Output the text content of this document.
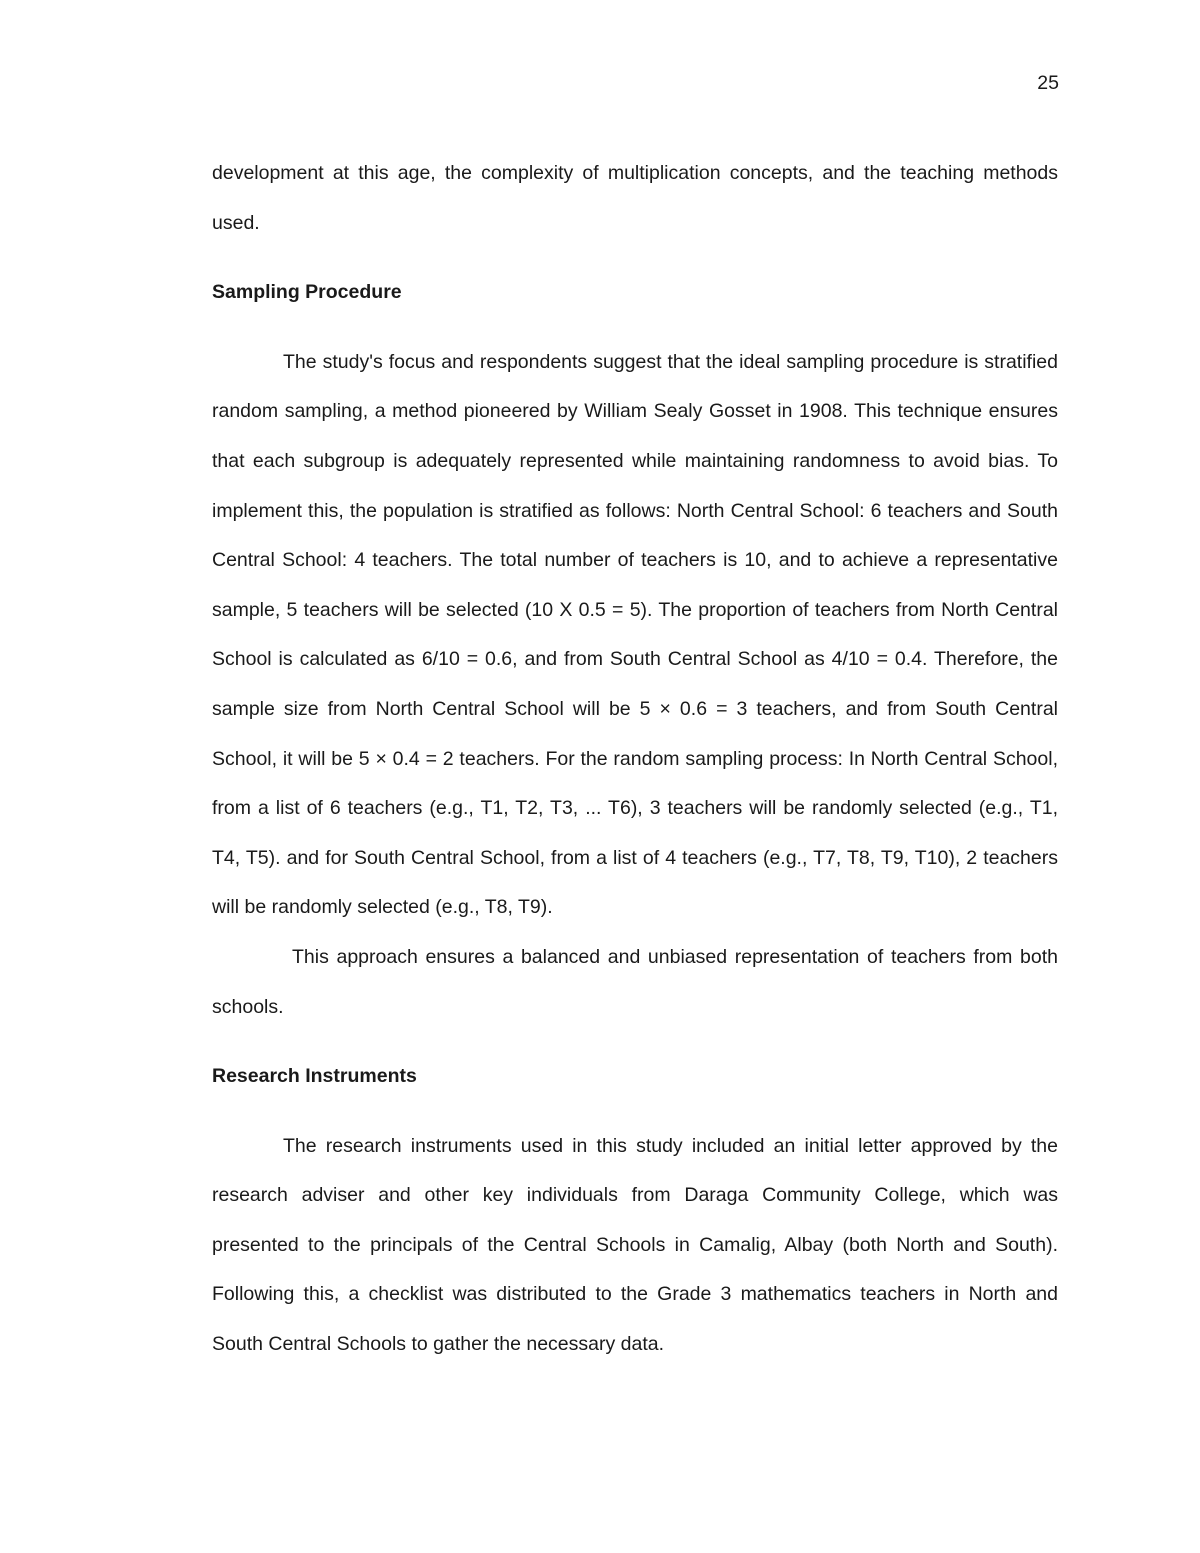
25

development at this age, the complexity of multiplication concepts, and the teaching methods used.

Sampling Procedure

The study's focus and respondents suggest that the ideal sampling procedure is stratified random sampling, a method pioneered by William Sealy Gosset in 1908. This technique ensures that each subgroup is adequately represented while maintaining randomness to avoid bias. To implement this, the population is stratified as follows: North Central School: 6 teachers and South Central School: 4 teachers. The total number of teachers is 10, and to achieve a representative sample, 5 teachers will be selected (10 X 0.5 = 5). The proportion of teachers from North Central School is calculated as 6/10 = 0.6, and from South Central School as 4/10 = 0.4. Therefore, the sample size from North Central School will be 5 × 0.6 = 3 teachers, and from South Central School, it will be 5 × 0.4 = 2 teachers. For the random sampling process: In North Central School, from a list of 6 teachers (e.g., T1, T2, T3, ... T6), 3 teachers will be randomly selected (e.g., T1, T4, T5). and for South Central School, from a list of 4 teachers (e.g., T7, T8, T9, T10), 2 teachers will be randomly selected (e.g., T8, T9).

This approach ensures a balanced and unbiased representation of teachers from both schools.

Research Instruments

The research instruments used in this study included an initial letter approved by the research adviser and other key individuals from Daraga Community College, which was presented to the principals of the Central Schools in Camalig, Albay (both North and South). Following this, a checklist was distributed to the Grade 3 mathematics teachers in North and South Central Schools to gather the necessary data.
